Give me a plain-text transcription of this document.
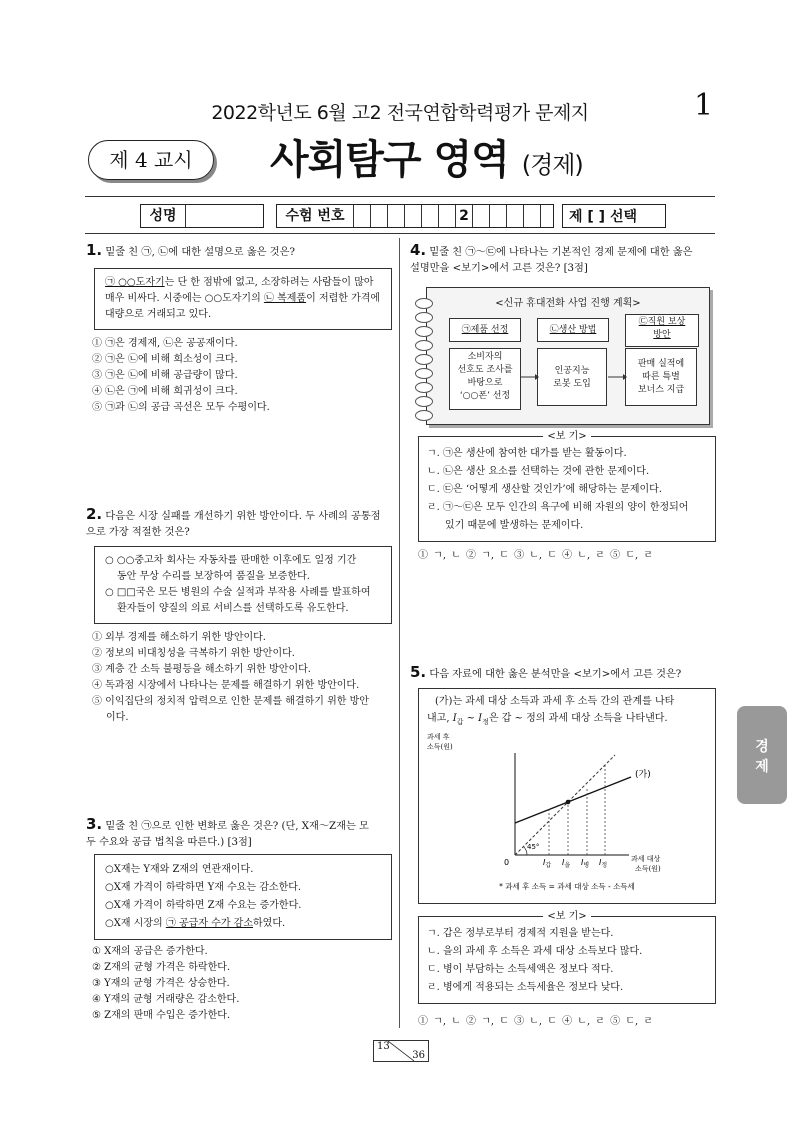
2022학년도 6월 고2 전국연합학력평가 문제지	1
제 4 교시	사회탐구 영역 (경제)
성명	수험 번호	2	제 [ ] 선택
1. 밑줄 친 ㉠, ㉡에 대한 설명으로 옳은 것은?
㉠ ○○도자기는 단 한 점밖에 없고, 소장하려는 사람들이 많아 매우 비싸다. 시중에는 ○○도자기의 ㉡ 복제품이 저렴한 가격에 대량으로 거래되고 있다.
① ㉠은 경제재, ㉡은 공공재이다.
② ㉠은 ㉡에 비해 희소성이 크다.
③ ㉠은 ㉡에 비해 공급량이 많다.
④ ㉡은 ㉠에 비해 희귀성이 크다.
⑤ ㉠과 ㉡의 공급 곡선은 모두 수평이다.
2. 다음은 시장 실패를 개선하기 위한 방안이다. 두 사례의 공통점
으로 가장 적절한 것은?
○ ○○중고차 회사는 자동차를 판매한 이후에도 일정 기간
동안 무상 수리를 보장하여 품질을 보증한다.
○ □□국은 모든 병원의 수술 실적과 부작용 사례를 발표하여
환자들이 양질의 의료 서비스를 선택하도록 유도한다.
① 외부 경제를 해소하기 위한 방안이다.
② 정보의 비대칭성을 극복하기 위한 방안이다.
③ 계층 간 소득 불평등을 해소하기 위한 방안이다.
④ 독과점 시장에서 나타나는 문제를 해결하기 위한 방안이다.
⑤ 이익집단의 정치적 압력으로 인한 문제를 해결하기 위한 방안
이다.
3. 밑줄 친 ㉠으로 인한 변화로 옳은 것은? (단, X재～Z재는 모
두 수요와 공급 법칙을 따른다.) [3점]
○X재는 Y재와 Z재의 연관재이다.
○X재 가격이 하락하면 Y재 수요는 감소한다.
○X재 가격이 하락하면 Z재 수요는 증가한다.
○X재 시장의 ㉠ 공급자 수가 감소하였다.
① X재의 공급은 증가한다.
② Z재의 균형 가격은 하락한다.
③ Y재의 균형 가격은 상승한다.
④ Y재의 균형 거래량은 감소한다.
⑤ Z재의 판매 수입은 증가한다.
4. 밑줄 친 ㉠～㉢에 나타나는 기본적인 경제 문제에 대한 옳은
설명만을 <보기>에서 고른 것은? [3점]
<신규 휴대전화 사업 진행 계획>
㉠제품 선정	㉡생산 방법
㉢직원 보상
방안
소비자의
선호도 조사를
바탕으로
‘○○폰’ 선정
인공지능
로봇 도입
판매 실적에
따른 특별
보너스 지급
<보 기>
ㄱ. ㉠은 생산에 참여한 대가를 받는 활동이다.
ㄴ. ㉡은 생산 요소를 선택하는 것에 관한 문제이다.
ㄷ. ㉢은 ‘어떻게 생산할 것인가’에 해당하는 문제이다.
ㄹ. ㉠～㉢은 모두 인간의 욕구에 비해 자원의 양이 한정되어
있기 때문에 발생하는 문제이다.
① ㄱ, ㄴ ② ㄱ, ㄷ ③ ㄴ, ㄷ ④ ㄴ, ㄹ ⑤ ㄷ, ㄹ
5. 다음 자료에 대한 옳은 분석만을 <보기>에서 고른 것은?
(가)는 과세 대상 소득과 과세 후 소득 간의 관계를 나타
내고, $I_갑$ ~ $I_정$은 갑 ~ 정의 과세 대상 소득을 나타낸다.
과세 후
소득(원)
0
45°
(가)
$I_갑$ $I_을$ $I_병$ $I_정$
과세 대상
소득(원)
* 과세 후 소득 = 과세 대상 소득 - 소득세
<보 기>
ㄱ. 갑은 정부로부터 경제적 지원을 받는다.
ㄴ. 을의 과세 후 소득은 과세 대상 소득보다 많다.
ㄷ. 병이 부담하는 소득세액은 정보다 적다.
ㄹ. 병에게 적용되는 소득세율은 정보다 낮다.
① ㄱ, ㄴ ② ㄱ, ㄷ ③ ㄴ, ㄷ ④ ㄴ, ㄹ ⑤ ㄷ, ㄹ
경
제
13
36
